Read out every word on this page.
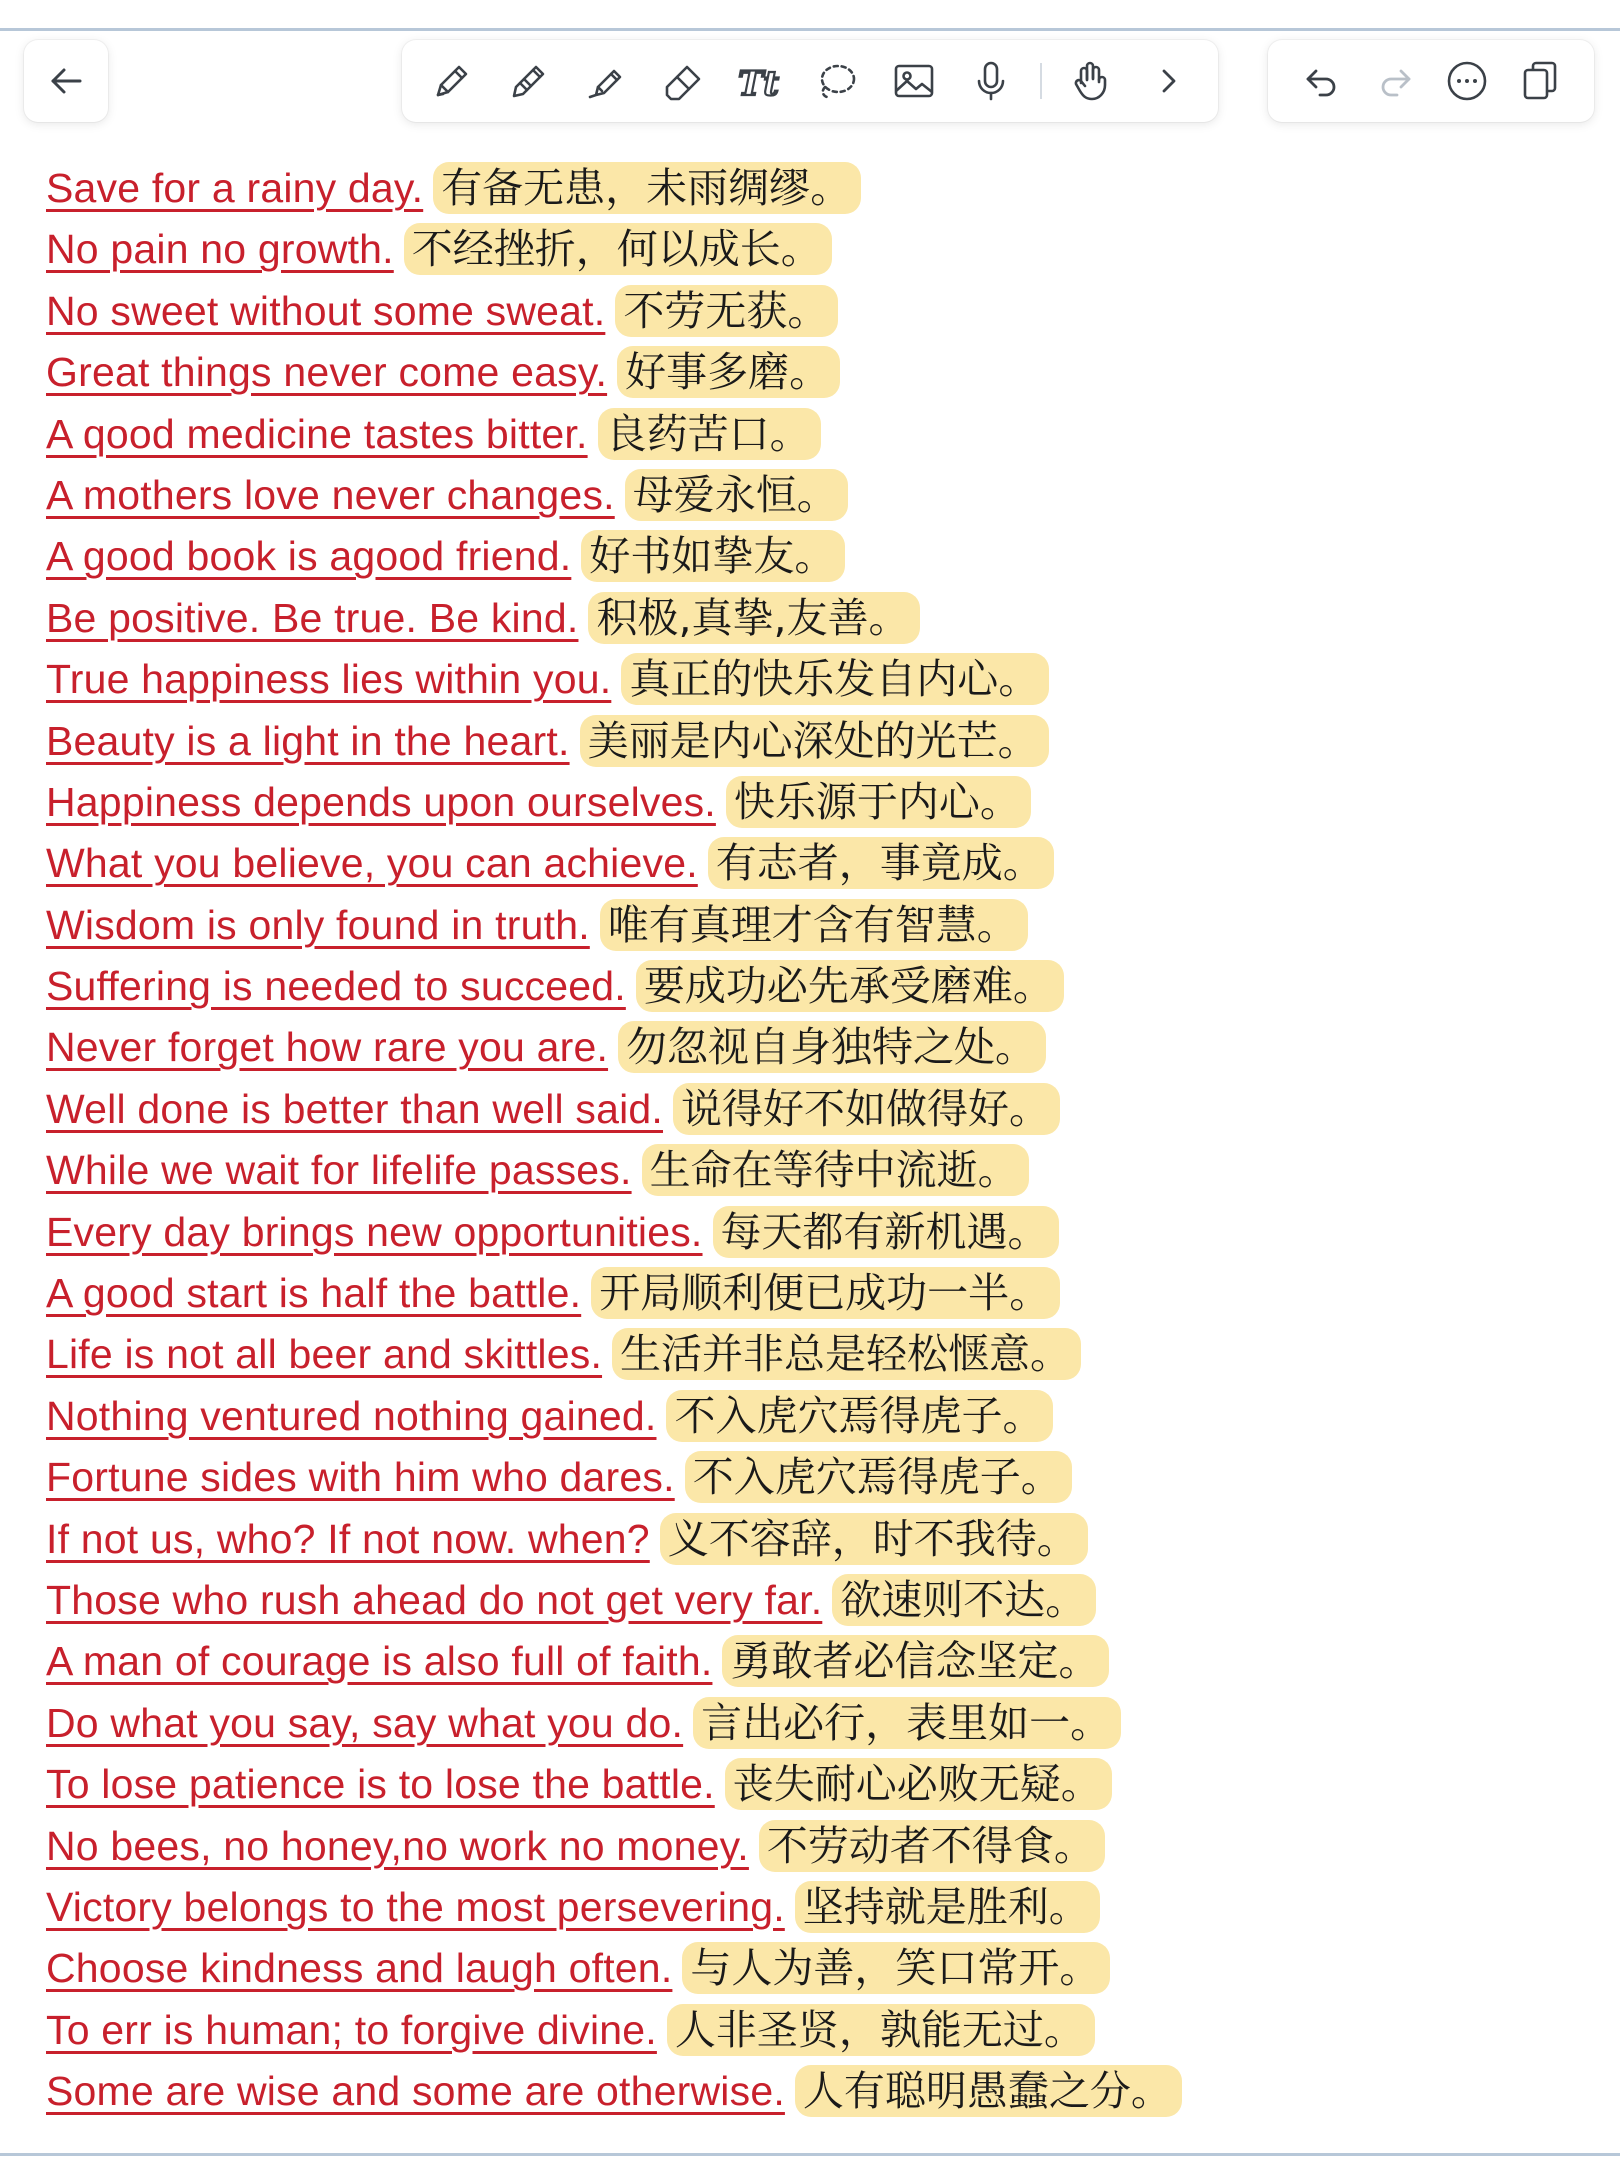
Tt
Save for a rainy day. 有备无患，未雨绸缪。
No pain no growth. 不经挫折，何以成长。
No sweet without some sweat. 不劳无获。
Great things never come easy. 好事多磨。
A qood medicine tastes bitter. 良药苦口。
A mothers love never changes. 母爱永恒。
A good book is agood friend. 好书如挚友。
Be positive. Be true. Be kind. 积极,真挚,友善。
True happiness lies within you. 真正的快乐发自内心。
Beauty is a light in the heart. 美丽是内心深处的光芒。
Happiness depends upon ourselves. 快乐源于内心。
What you believe, you can achieve. 有志者，事竟成。
Wisdom is only found in truth. 唯有真理才含有智慧。
Suffering is needed to succeed. 要成功必先承受磨难。
Never forget how rare you are. 勿忽视自身独特之处。
Well done is better than well said. 说得好不如做得好。
While we wait for lifelife passes. 生命在等待中流逝。
Every day brings new opportunities. 每天都有新机遇。
A good start is half the battle. 开局顺利便已成功一半。
Life is not all beer and skittles. 生活并非总是轻松惬意。
Nothing ventured nothing gained. 不入虎穴焉得虎子。
Fortune sides with him who dares. 不入虎穴焉得虎子。
If not us, who? If not now. when? 义不容辞，时不我待。
Those who rush ahead do not get very far. 欲速则不达。
A man of courage is also full of faith. 勇敢者必信念坚定。
Do what you say, say what you do. 言出必行，表里如一。
To lose patience is to lose the battle. 丧失耐心必败无疑。
No bees, no honey,no work no money. 不劳动者不得食。
Victory belongs to the most persevering. 坚持就是胜利。
Choose kindness and laugh often. 与人为善，笑口常开。
To err is human; to forgive divine. 人非圣贤，孰能无过。
Some are wise and some are otherwise. 人有聪明愚蠢之分。
